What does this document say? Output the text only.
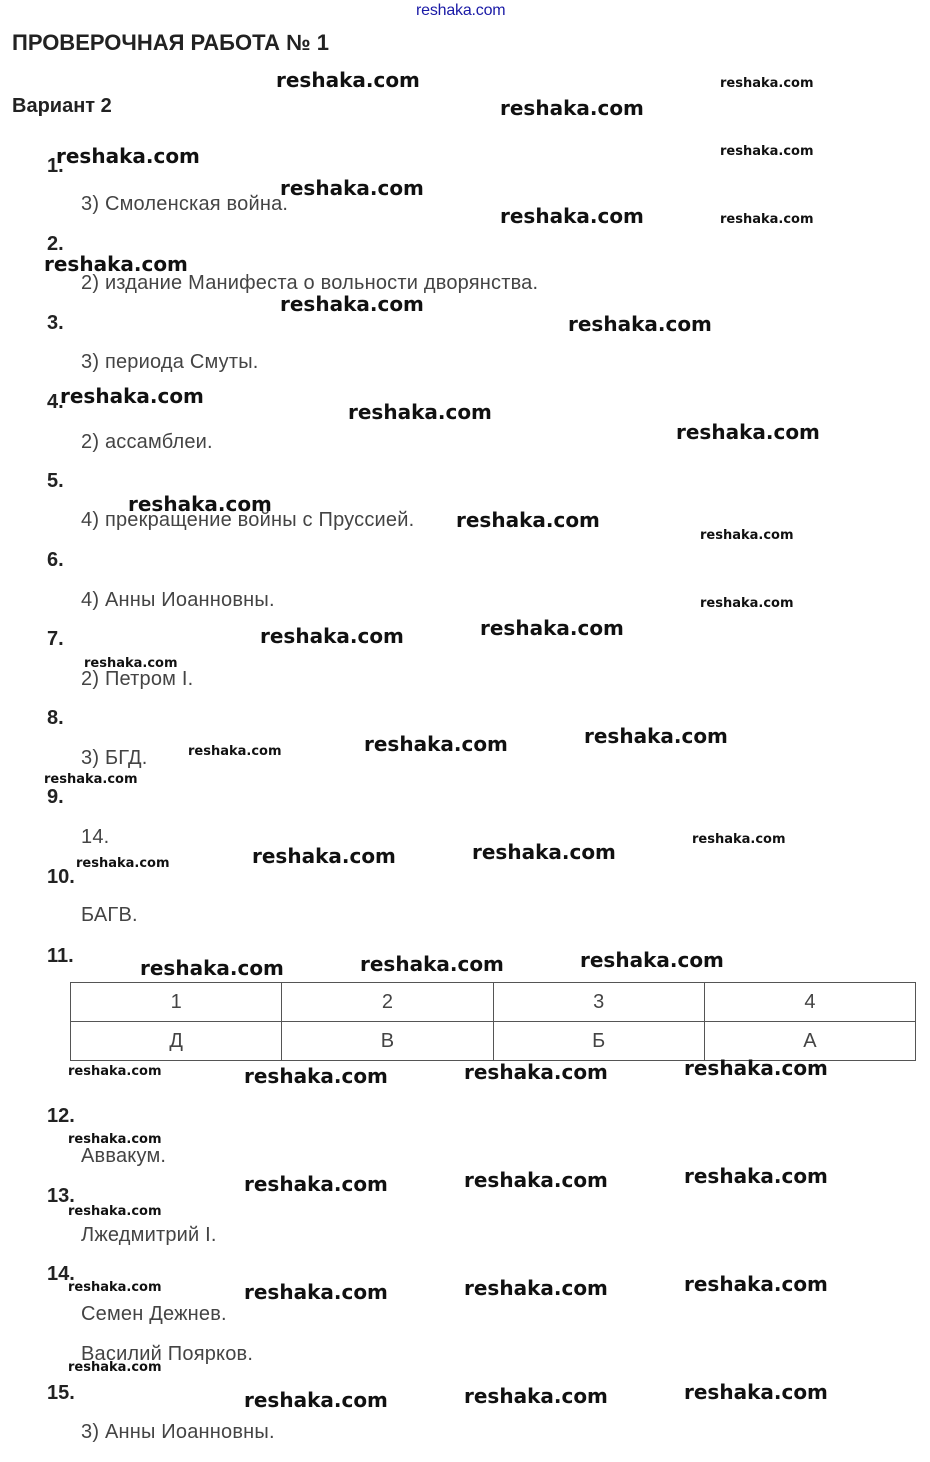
reshaka.com
ПРОВЕРОЧНАЯ РАБОТА № 1
Вариант 2
1.
2.
3.
4.
5.
6.
7.
8.
9.
10.
11.
12.
13.
14.
15.
3) Смоленская война.
2) издание Манифеста о вольности дворянства.
3) периода Смуты.
2) ассамблеи.
4) прекращение войны с Пруссией.
4) Анны Иоанновны.
2) Петром I.
3) БГД.
14.
БАГВ.
Аввакум.
Лжедмитрий I.
Семен Дежнев.
Василий Поярков.
3) Анны Иоанновны.
1	2	3	4
Д	В	Б	А
reshaka.com
reshaka.com
reshaka.com
reshaka.com
reshaka.com
reshaka.com
reshaka.com
reshaka.com
reshaka.com
reshaka.com
reshaka.com
reshaka.com
reshaka.com
reshaka.com	reshaka.com
reshaka.com	reshaka.com
reshaka.com	reshaka.com
reshaka.com	reshaka.com	reshaka.com
reshaka.com	reshaka.com	reshaka.com
reshaka.com	reshaka.com	reshaka.com
reshaka.com	reshaka.com	reshaka.com
reshaka.com	reshaka.com	reshaka.com
reshaka.com
reshaka.com
reshaka.com
reshaka.com
reshaka.com
reshaka.com
reshaka.com
reshaka.com
reshaka.com
reshaka.com
reshaka.com
reshaka.com
reshaka.com
reshaka.com
reshaka.com
